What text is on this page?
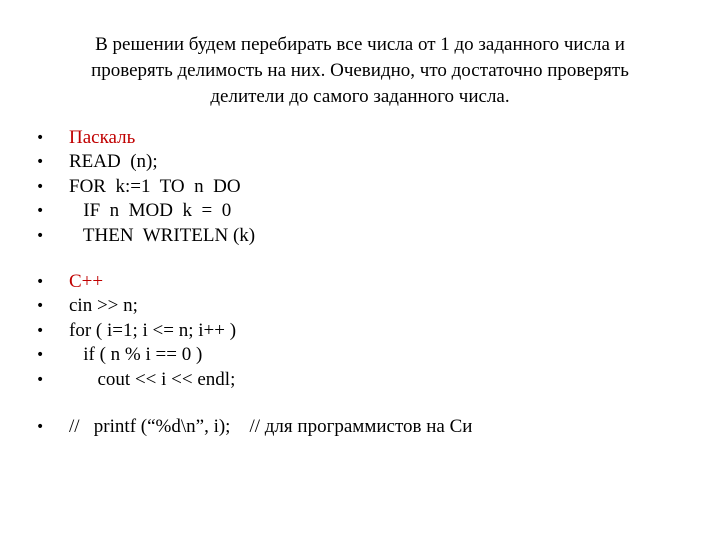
В решении будем перебирать все числа от 1 до заданного числа и
проверять делимость на них. Очевидно, что достаточно проверять
делители до самого заданного числа.

•

	Паскаль

•

	READ  (n);

•

	FOR  k:=1  TO  n  DO

•

	IF  n  MOD  k  =  0

•

	THEN  WRITELN (k)

•

	C++

•

	cin >> n;

•

	for ( i=1; i <= n; i++ )

•

	if ( n % i == 0 )

•

	cout << i << endl;

•

	//   printf (“%d\n”, i);    // для программистов на Си
